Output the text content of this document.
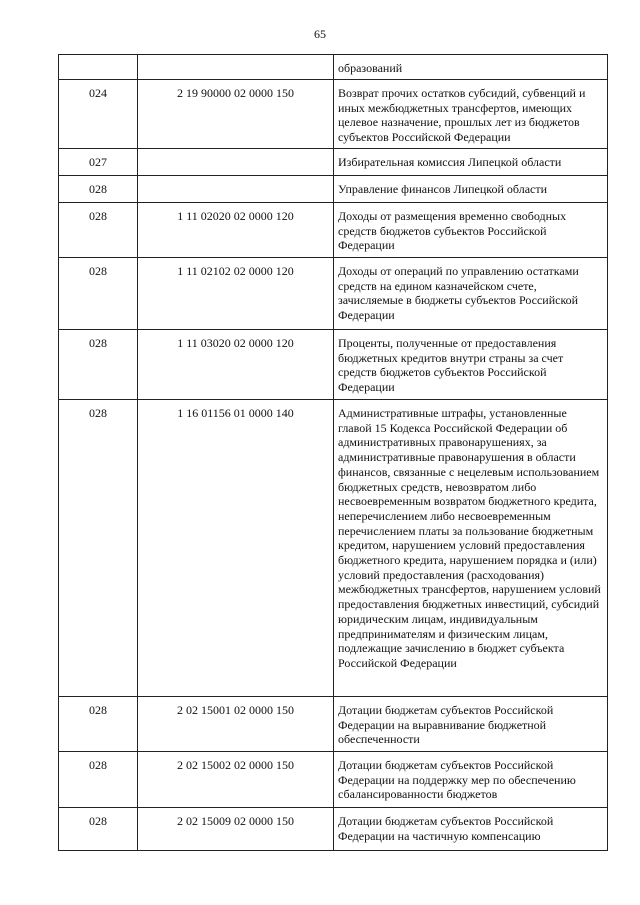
65
		образований
024	2 19 90000 02 0000 150	Возврат прочих остатков субсидий, субвенций и иных межбюджетных трансфертов, имеющих целевое назначение, прошлых лет из бюджетов субъектов Российской Федерации
027		Избирательная комиссия Липецкой области
028		Управление финансов Липецкой области
028	1 11 02020 02 0000 120	Доходы от размещения временно свободных средств бюджетов субъектов Российской Федерации
028	1 11 02102 02 0000 120	Доходы от операций по управлению остатками средств на едином казначейском счете, зачисляемые в бюджеты субъектов Российской Федерации
028	1 11 03020 02 0000 120	Проценты, полученные от предоставления бюджетных кредитов внутри страны за счет средств бюджетов субъектов Российской Федерации
028	1 16 01156 01 0000 140	Административные штрафы, установленные главой 15 Кодекса Российской Федерации об административных правонарушениях, за административные правонарушения в области финансов, связанные с нецелевым использованием бюджетных средств, невозвратом либо несвоевременным возвратом бюджетного кредита, неперечислением либо несвоевременным перечислением платы за пользование бюджетным кредитом, нарушением условий предоставления бюджетного кредита, нарушением порядка и (или) условий предоставления (расходования) межбюджетных трансфертов, нарушением условий предоставления бюджетных инвестиций, субсидий юридическим лицам, индивидуальным предпринимателям и физическим лицам, подлежащие зачислению в бюджет субъекта Российской Федерации
028	2 02 15001 02 0000 150	Дотации бюджетам субъектов Российской Федерации на выравнивание бюджетной обеспеченности
028	2 02 15002 02 0000 150	Дотации бюджетам субъектов Российской Федерации на поддержку мер по обеспечению сбалансированности бюджетов
028	2 02 15009 02 0000 150	Дотации бюджетам субъектов Российской Федерации на частичную компенсацию
